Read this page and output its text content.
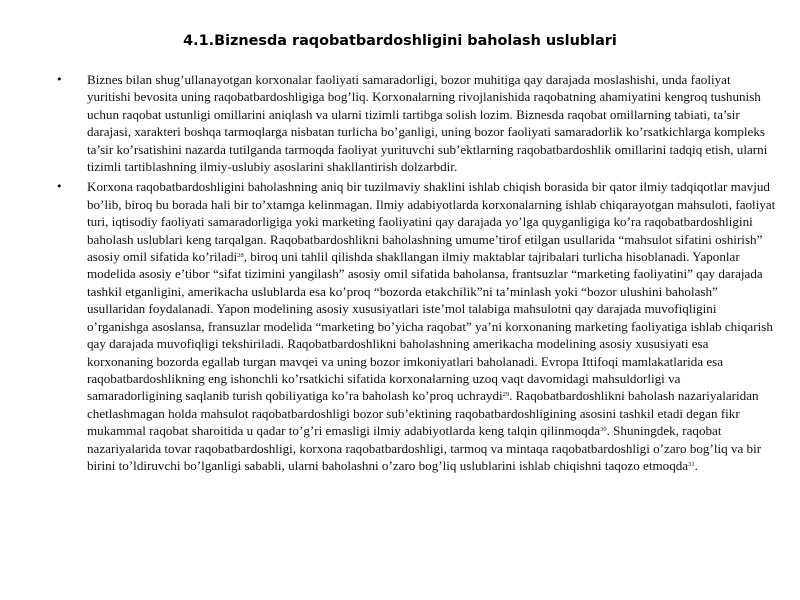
4.1.Biznesda raqobatbardoshligini baholash uslublari
• Biznes bilan shug’ullanayotgan korxonalar faoliyati samaradorligi, bozor muhitiga qay darajada moslashishi, unda faoliyat yuritishi bevosita uning raqobatbardoshligiga bog’liq. Korxonalarning rivojlanishida raqobatning ahamiyatini kengroq tushunish uchun raqobat ustunligi omillarini aniqlash va ularni tizimli tartibga solish lozim. Biznesda raqobat omillarning tabiati, ta’sir darajasi, xarakteri boshqa tarmoqlarga nisbatan turlicha bo’ganligi, uning bozor faoliyati samaradorlik ko’rsatkichlarga kompleks ta’sir ko’rsatishini nazarda tutilganda tarmoqda faoliyat yurituvchi sub’ektlarning raqobatbardoshlik omillarini tadqiq etish, ularni tizimli tartiblashning ilmiy-uslubiy asoslarini shakllantirish dolzarbdir.
• Korxona raqobatbardoshligini baholashning aniq bir tuzilmaviy shaklini ishlab chiqish borasida bir qator ilmiy tadqiqotlar mavjud bo’lib, biroq bu borada hali bir to’xtamga kelinmagan. Ilmiy adabiyotlarda korxonalarning ishlab chiqarayotgan mahsuloti, faoliyat turi, iqtisodiy faoliyati samaradorligiga yoki marketing faoliyatini qay darajada yo’lga quyganligiga ko’ra raqobatbardoshligini baholash uslublari keng tarqalgan. Raqobatbardoshlikni baholashning umume’tirof etilgan usullarida “mahsulot sifatini oshirish” asosiy omil sifatida ko’riladi$^{28}$, biroq uni tahlil qilishda shakllangan ilmiy maktablar tajribalari turlicha hisoblanadi. Yaponlar modelida asosiy e’tibor “sifat tizimini yangilash” asosiy omil sifatida baholansa, frantsuzlar “marketing faoliyatini” qay darajada tashkil etganligini, amerikacha uslublarda esa ko’proq “bozorda etakchilik”ni ta’minlash yoki “bozor ulushini baholash” usullaridan foydalanadi. Yapon modelining asosiy xususiyatlari iste’mol talabiga mahsulotni qay darajada muvofiqligini o’rganishga asoslansa, fransuzlar modelida “marketing bo’yicha raqobat” ya’ni korxonaning marketing faoliyatiga ishlab chiqarish qay darajada muvofiqligi tekshiriladi. Raqobatbardoshlikni baholashning amerikacha modelining asosiy xususiyati esa korxonaning bozorda egallab turgan mavqei va uning bozor imkoniyatlari baholanadi. Evropa Ittifoqi mamlakatlarida esa raqobatbardoshlikning eng ishonchli ko’rsatkichi sifatida korxonalarning uzoq vaqt davomidagi mahsuldorligi va samaradorligining saqlanib turish qobiliyatiga ko’ra baholash ko’proq uchraydi$^{29}$. Raqobatbardoshlikni baholash nazariyalaridan chetlashmagan holda mahsulot raqobatbardoshligi bozor sub’ektining raqobatbardoshligining asosini tashkil etadi degan fikr mukammal raqobat sharoitida u qadar to’g’ri emasligi ilmiy adabiyotlarda keng talqin qilinmoqda$^{30}$. Shuningdek, raqobat nazariyalarida tovar raqobatbardoshligi, korxona raqobatbardoshligi, tarmoq va mintaqa raqobatbardoshligi o’zaro bog’liq va bir birini to’ldiruvchi bo’lganligi sababli, ularni baholashni o’zaro bog’liq uslublarini ishlab chiqishni taqozo etmoqda$^{31}$.
